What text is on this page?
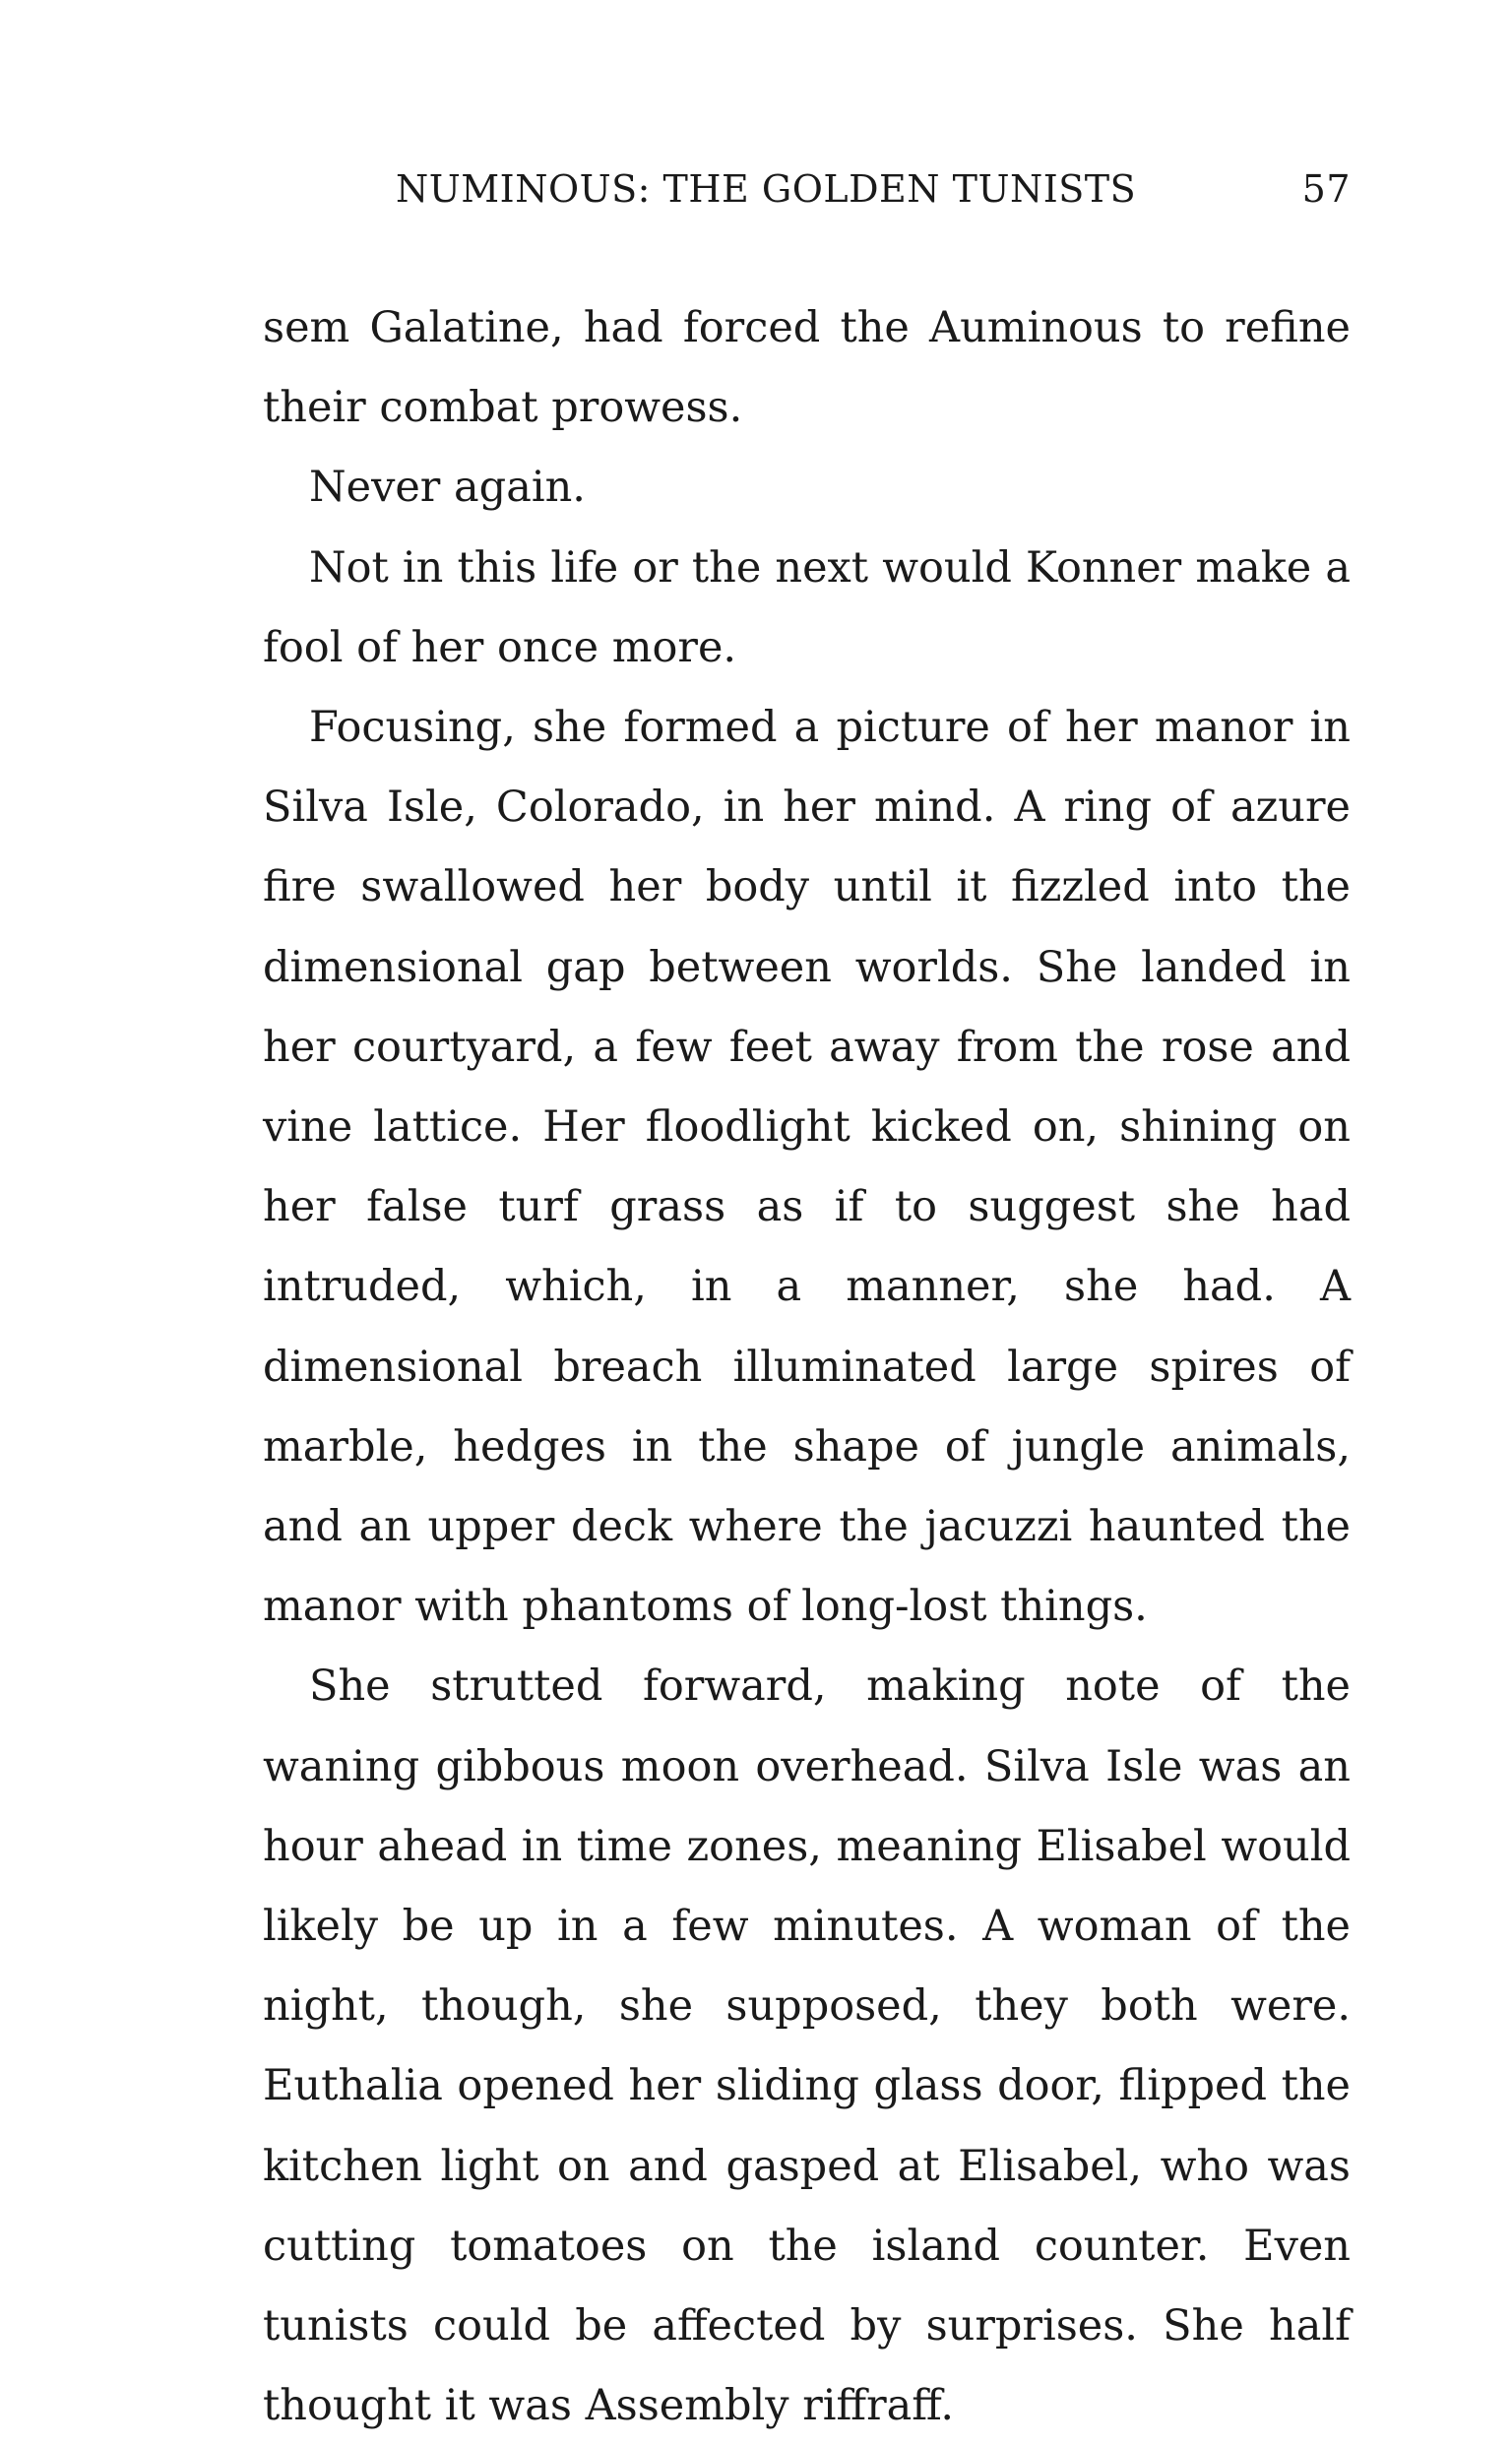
NUMINOUS: THE GOLDEN TUNISTS	57

sem Galatine, had forced the Auminous to refine their combat prowess.

Never again.

Not in this life or the next would Konner make a fool of her once more.

Focusing, she formed a picture of her manor in Silva Isle, Colorado, in her mind. A ring of azure fire swallowed her body until it fizzled into the dimensional gap between worlds. She landed in her courtyard, a few feet away from the rose and vine lattice. Her floodlight kicked on, shining on her false turf grass as if to suggest she had intruded, which, in a manner, she had. A dimensional breach illuminated large spires of marble, hedges in the shape of jungle animals, and an upper deck where the jacuzzi haunted the manor with phantoms of long-lost things.

She strutted forward, making note of the waning gibbous moon overhead. Silva Isle was an hour ahead in time zones, meaning Elisabel would likely be up in a few minutes. A woman of the night, though, she supposed, they both were. Euthalia opened her sliding glass door, flipped the kitchen light on and gasped at Elisabel, who was cutting tomatoes on the island counter. Even tunists could be affected by surprises. She half thought it was Assembly riffraff.
